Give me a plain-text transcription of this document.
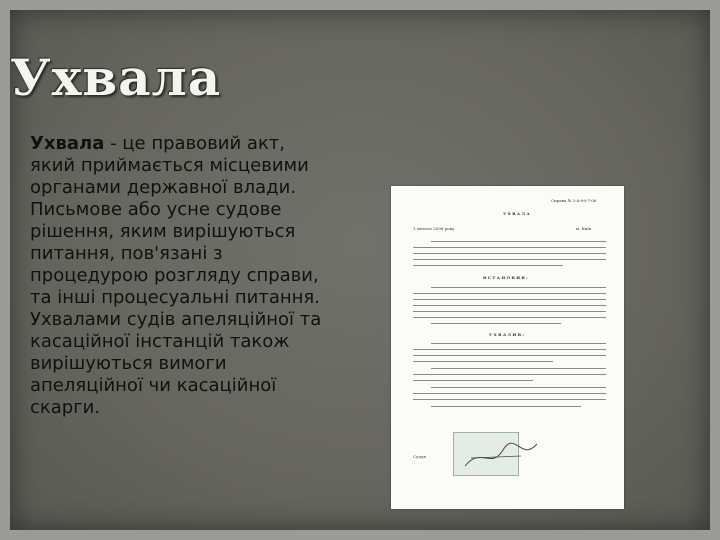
Ухвала

Ухвала - це правовий акт, який приймається місцевими органами державної влади.

Письмове або усне судове рішення, яким вирішуються питання, пов'язані з процедурою розгляду справи, та інші процесуальні питання.

Ухвалами судів апеляційної та касаційної інстанцій також вирішуються вимоги апеляційної чи касаційної скарги.

Справа № 2-А-00-7-06
У Х В А Л А
3 лютого 2008 року	м. Київ
В С Т А Н О В И В :
У Х В А Л И В :
Суддя
